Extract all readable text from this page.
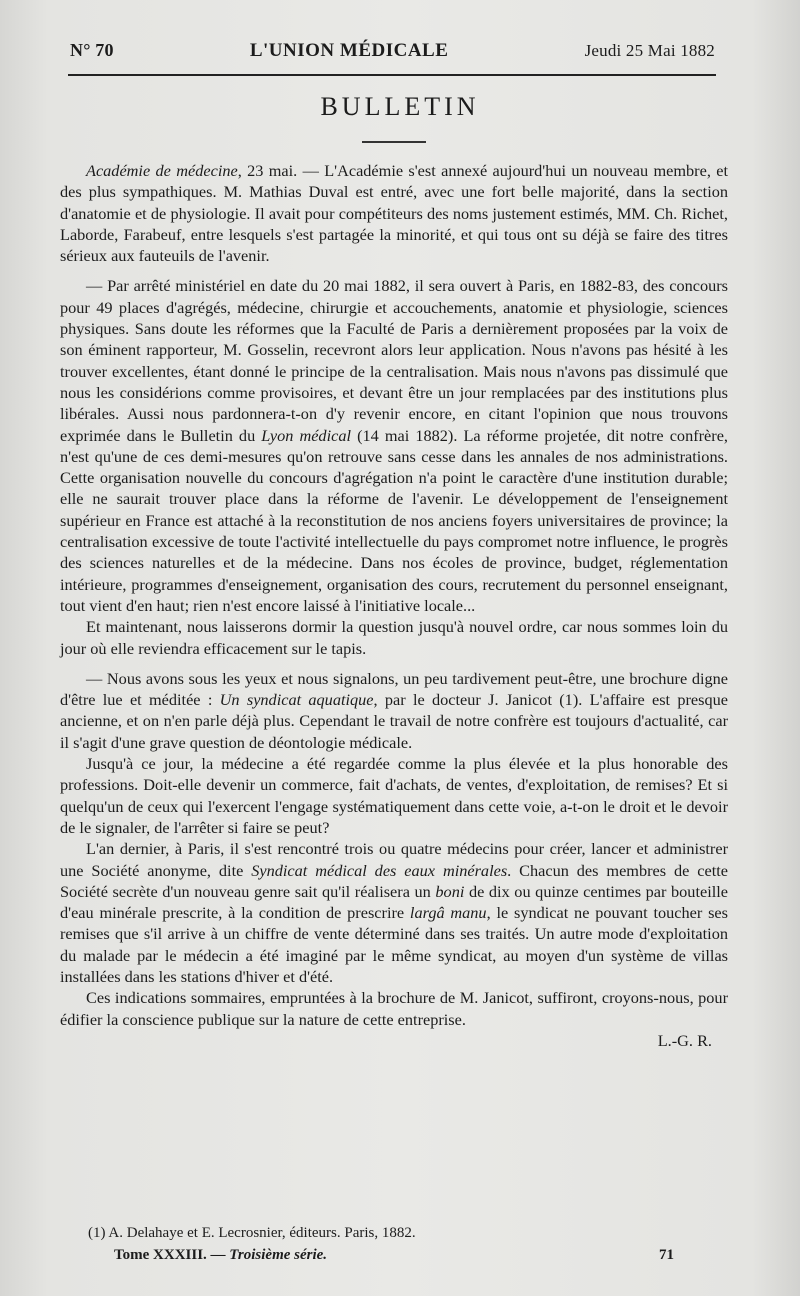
N° 70	L'UNION MÉDICALE	Jeudi 25 Mai 1882
BULLETIN

Académie de médecine, 23 mai. — L'Académie s'est annexé aujourd'hui un nouveau membre, et des plus sympathiques. M. Mathias Duval est entré, avec une fort belle majorité, dans la section d'anatomie et de physiologie. Il avait pour compétiteurs des noms justement estimés, MM. Ch. Richet, Laborde, Farabeuf, entre lesquels s'est partagée la minorité, et qui tous ont su déjà se faire des titres sérieux aux fauteuils de l'avenir.

— Par arrêté ministériel en date du 20 mai 1882, il sera ouvert à Paris, en 1882-83, des concours pour 49 places d'agrégés, médecine, chirurgie et accouchements, anatomie et physiologie, sciences physiques. Sans doute les réformes que la Faculté de Paris a dernièrement proposées par la voix de son éminent rapporteur, M. Gosselin, recevront alors leur application. Nous n'avons pas hésité à les trouver excellentes, étant donné le principe de la centralisation. Mais nous n'avons pas dissimulé que nous les considérions comme provisoires, et devant être un jour remplacées par des institutions plus libérales. Aussi nous pardonnera-t-on d'y revenir encore, en citant l'opinion que nous trouvons exprimée dans le Bulletin du Lyon médical (14 mai 1882). La réforme projetée, dit notre confrère, n'est qu'une de ces demi-mesures qu'on retrouve sans cesse dans les annales de nos administrations. Cette organisation nouvelle du concours d'agrégation n'a point le caractère d'une institution durable; elle ne saurait trouver place dans la réforme de l'avenir. Le développement de l'enseignement supérieur en France est attaché à la reconstitution de nos anciens foyers universitaires de province; la centralisation excessive de toute l'activité intellectuelle du pays compromet notre influence, le progrès des sciences naturelles et de la médecine. Dans nos écoles de province, budget, réglementation intérieure, programmes d'enseignement, organisation des cours, recrutement du personnel enseignant, tout vient d'en haut; rien n'est encore laissé à l'initiative locale...

Et maintenant, nous laisserons dormir la question jusqu'à nouvel ordre, car nous sommes loin du jour où elle reviendra efficacement sur le tapis.

— Nous avons sous les yeux et nous signalons, un peu tardivement peut-être, une brochure digne d'être lue et méditée : Un syndicat aquatique, par le docteur J. Janicot (1). L'affaire est presque ancienne, et on n'en parle déjà plus. Cependant le travail de notre confrère est toujours d'actualité, car il s'agit d'une grave question de déontologie médicale.

Jusqu'à ce jour, la médecine a été regardée comme la plus élevée et la plus honorable des professions. Doit-elle devenir un commerce, fait d'achats, de ventes, d'exploitation, de remises? Et si quelqu'un de ceux qui l'exercent l'engage systématiquement dans cette voie, a-t-on le droit et le devoir de le signaler, de l'arrêter si faire se peut?

L'an dernier, à Paris, il s'est rencontré trois ou quatre médecins pour créer, lancer et administrer une Société anonyme, dite Syndicat médical des eaux minérales. Chacun des membres de cette Société secrète d'un nouveau genre sait qu'il réalisera un boni de dix ou quinze centimes par bouteille d'eau minérale prescrite, à la condition de prescrire largâ manu, le syndicat ne pouvant toucher ses remises que s'il arrive à un chiffre de vente déterminé dans ses traités. Un autre mode d'exploitation du malade par le médecin a été imaginé par le même syndicat, au moyen d'un système de villas installées dans les stations d'hiver et d'été.

Ces indications sommaires, empruntées à la brochure de M. Janicot, suffiront, croyons-nous, pour édifier la conscience publique sur la nature de cette entreprise.

L.-G. R.

(1) A. Delahaye et E. Lecrosnier, éditeurs. Paris, 1882.
Tome XXXIII. — Troisième série.	71
